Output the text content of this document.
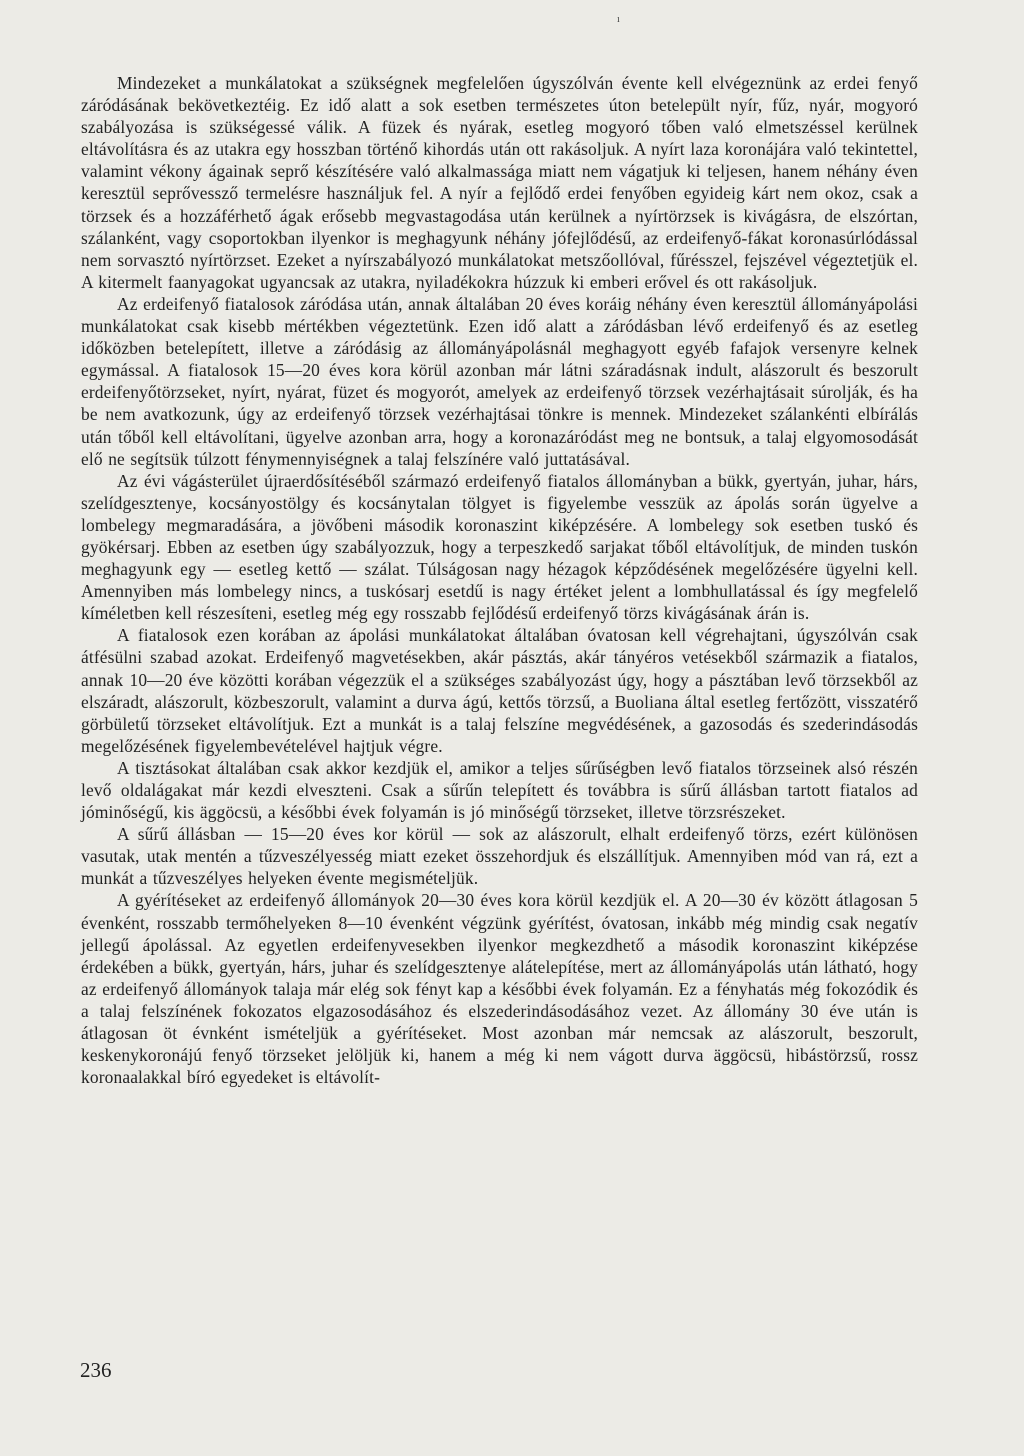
ı

Mindezeket a munkálatokat a szükségnek megfelelően úgyszólván évente kell elvégeznünk az erdei fenyő záródásának bekövetkeztéig. Ez idő alatt a sok esetben természetes úton betelepült nyír, fűz, nyár, mogyoró szabályozása is szükségessé válik. A füzek és nyárak, esetleg mogyoró tőben való elmetszéssel kerülnek eltávolításra és az utakra egy hosszban történő kihordás után ott rakásoljuk. A nyírt laza koronájára való tekintettel, valamint vékony ágainak seprő készítésére való alkalmassága miatt nem vágatjuk ki teljesen, hanem néhány éven keresztül seprővessző termelésre használjuk fel. A nyír a fejlődő erdei fenyőben egyideig kárt nem okoz, csak a törzsek és a hozzáférhető ágak erősebb megvastagodása után kerülnek a nyírtörzsek is kivágásra, de elszórtan, szálanként, vagy csoportokban ilyenkor is meghagyunk néhány jófejlődésű, az erdeifenyő-fákat koronasúrlódással nem sorvasztó nyírtörzset. Ezeket a nyírszabályozó munkálatokat metszőollóval, fűrésszel, fejszével végeztetjük el. A kitermelt faanyagokat ugyancsak az utakra, nyiladékokra húzzuk ki emberi erővel és ott rakásoljuk.

Az erdeifenyő fiatalosok záródása után, annak általában 20 éves koráig néhány éven keresztül állományápolási munkálatokat csak kisebb mértékben végeztetünk. Ezen idő alatt a záródásban lévő erdeifenyő és az esetleg időközben betelepített, illetve a záródásig az állományápolásnál meghagyott egyéb fafajok versenyre kelnek egymással. A fiatalosok 15—20 éves kora körül azonban már látni száradásnak indult, alászorult és beszorult erdeifenyőtörzseket, nyírt, nyárat, füzet és mogyorót, amelyek az erdeifenyő törzsek vezérhajtásait súrolják, és ha be nem avatkozunk, úgy az erdeifenyő törzsek vezérhajtásai tönkre is mennek. Mindezeket szálankénti elbírálás után tőből kell eltávolítani, ügyelve azonban arra, hogy a koronazáródást meg ne bontsuk, a talaj elgyomosodását elő ne segítsük túlzott fénymennyiségnek a talaj felszínére való juttatásával.

Az évi vágásterület újraerdősítéséből származó erdeifenyő fiatalos állományban a bükk, gyertyán, juhar, hárs, szelídgesztenye, kocsányostölgy és kocsánytalan tölgyet is figyelembe vesszük az ápolás során ügyelve a lombelegy megmaradására, a jövőbeni második koronaszint kiképzésére. A lombelegy sok esetben tuskó és gyökérsarj. Ebben az esetben úgy szabályozzuk, hogy a terpeszkedő sarjakat tőből eltávolítjuk, de minden tuskón meghagyunk egy — esetleg kettő — szálat. Túlságosan nagy hézagok képződésének megelőzésére ügyelni kell. Amennyiben más lombelegy nincs, a tuskósarj esetdű is nagy értéket jelent a lombhullatással és így megfelelő kíméletben kell részesíteni, esetleg még egy rosszabb fejlődésű erdeifenyő törzs kivágásának árán is.

A fiatalosok ezen korában az ápolási munkálatokat általában óvatosan kell végrehajtani, úgyszólván csak átfésülni szabad azokat. Erdeifenyő magvetésekben, akár pásztás, akár tányéros vetésekből származik a fiatalos, annak 10—20 éve közötti korában végezzük el a szükséges szabályozást úgy, hogy a pásztában levő törzsekből az elszáradt, alászorult, közbeszorult, valamint a durva ágú, kettős törzsű, a Buoliana által esetleg fertőzött, visszatérő görbületű törzseket eltávolítjuk. Ezt a munkát is a talaj felszíne megvédésének, a gazosodás és szederindásodás megelőzésének figyelembevételével hajtjuk végre.

A tisztásokat általában csak akkor kezdjük el, amikor a teljes sűrűségben levő fiatalos törzseinek alsó részén levő oldalágakat már kezdi elveszteni. Csak a sűrűn telepített és továbbra is sűrű állásban tartott fiatalos ad jóminőségű, kis äggöcsü, a későbbi évek folyamán is jó minőségű törzseket, illetve törzsrészeket.

A sűrű állásban — 15—20 éves kor körül — sok az alászorult, elhalt erdeifenyő törzs, ezért különösen vasutak, utak mentén a tűzveszélyesség miatt ezeket összehordjuk és elszállítjuk. Amennyiben mód van rá, ezt a munkát a tűzveszélyes helyeken évente megismételjük.

A gyérítéseket az erdeifenyő állományok 20—30 éves kora körül kezdjük el. A 20—30 év között átlagosan 5 évenként, rosszabb termőhelyeken 8—10 évenként végzünk gyérítést, óvatosan, inkább még mindig csak negatív jellegű ápolással. Az egyetlen erdeifenyvesekben ilyenkor megkezdhető a második koronaszint kiképzése érdekében a bükk, gyertyán, hárs, juhar és szelídgesztenye alátelepítése, mert az állományápolás után látható, hogy az erdeifenyő állományok talaja már elég sok fényt kap a későbbi évek folyamán. Ez a fényhatás még fokozódik és a talaj felszínének fokozatos elgazosodásához és elszederindásodásához vezet. Az állomány 30 éve után is átlagosan öt évnként ismételjük a gyérítéseket. Most azonban már nemcsak az alászorult, beszorult, keskenykoronájú fenyő törzseket jelöljük ki, hanem a még ki nem vágott durva äggöcsü, hibástörzsű, rossz koronaalakkal bíró egyedeket is eltávolít-

236
